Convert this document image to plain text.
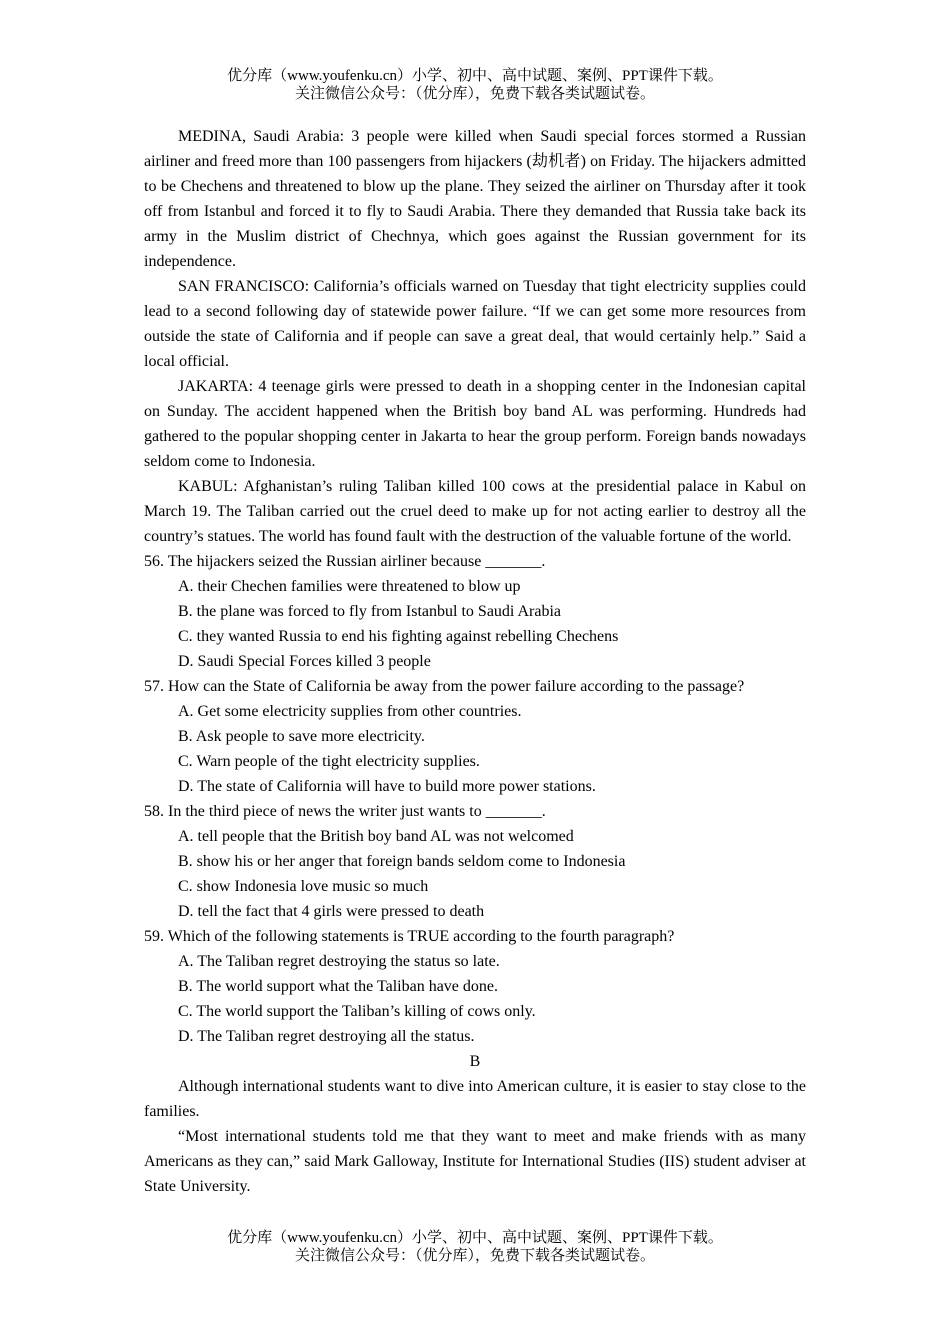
优分库（www.youfenku.cn）小学、初中、高中试题、案例、PPT课件下载。
关注微信公众号：（优分库），免费下载各类试题试卷。

MEDINA, Saudi Arabia: 3 people were killed when Saudi special forces stormed a Russian airliner and freed more than 100 passengers from hijackers (劫机者) on Friday. The hijackers admitted to be Chechens and threatened to blow up the plane. They seized the airliner on Thursday after it took off from Istanbul and forced it to fly to Saudi Arabia. There they demanded that Russia take back its army in the Muslim district of Chechnya, which goes against the Russian government for its independence.

SAN FRANCISCO: California’s officials warned on Tuesday that tight electricity supplies could lead to a second following day of statewide power failure. “If we can get some more resources from outside the state of California and if people can save a great deal, that would certainly help.” Said a local official.

JAKARTA: 4 teenage girls were pressed to death in a shopping center in the Indonesian capital on Sunday. The accident happened when the British boy band AL was performing. Hundreds had gathered to the popular shopping center in Jakarta to hear the group perform. Foreign bands nowadays seldom come to Indonesia.

KABUL: Afghanistan’s ruling Taliban killed 100 cows at the presidential palace in Kabul on March 19. The Taliban carried out the cruel deed to make up for not acting earlier to destroy all the country’s statues. The world has found fault with the destruction of the valuable fortune of the world.

56. The hijackers seized the Russian airliner because _______.

A. their Chechen families were threatened to blow up

B. the plane was forced to fly from Istanbul to Saudi Arabia

C. they wanted Russia to end his fighting against rebelling Chechens

D. Saudi Special Forces killed 3 people

57. How can the State of California be away from the power failure according to the passage?

A. Get some electricity supplies from other countries.

B. Ask people to save more electricity.

C. Warn people of the tight electricity supplies.

D. The state of California will have to build more power stations.

58. In the third piece of news the writer just wants to _______.

A. tell people that the British boy band AL was not welcomed

B. show his or her anger that foreign bands seldom come to Indonesia

C. show Indonesia love music so much

D. tell the fact that 4 girls were pressed to death

59. Which of the following statements is TRUE according to the fourth paragraph?

A. The Taliban regret destroying the status so late.

B. The world support what the Taliban have done.

C. The world support the Taliban’s killing of cows only.

D. The Taliban regret destroying all the status.

B

Although international students want to dive into American culture, it is easier to stay close to the families.

“Most international students told me that they want to meet and make friends with as many Americans as they can,” said Mark Galloway, Institute for International Studies (IIS) student adviser at State University.

优分库（www.youfenku.cn）小学、初中、高中试题、案例、PPT课件下载。
关注微信公众号：（优分库），免费下载各类试题试卷。
